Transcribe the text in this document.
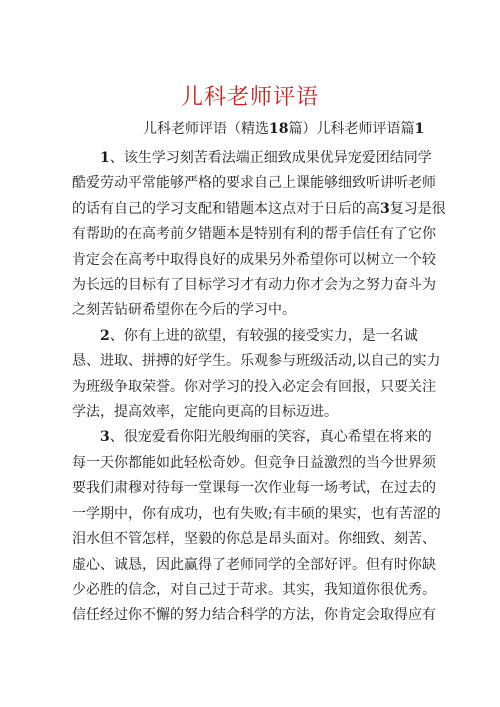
儿科老师评语
儿科老师评语（精选18篇）儿科老师评语篇1

　　1、该生学习刻苦看法端正细致成果优异宠爱团结同学

酷爱劳动平常能够严格的要求自己上课能够细致听讲听老师

的话有自己的学习支配和错题本这点对于日后的高3复习是很

有帮助的在高考前夕错题本是特别有利的帮手信任有了它你

肯定会在高考中取得良好的成果另外希望你可以树立一个较

为长远的目标有了目标学习才有动力你才会为之努力奋斗为

之刻苦钻研希望你在今后的学习中。

　　2、你有上进的欲望，有较强的接受实力，是一名诚

恳、进取、拼搏的好学生。乐观参与班级活动,以自己的实力

为班级争取荣誉。你对学习的投入必定会有回报，只要关注

学法，提高效率，定能向更高的目标迈进。

　　3、很宠爱看你阳光般绚丽的笑容，真心希望在将来的

每一天你都能如此轻松奇妙。但竞争日益激烈的当今世界须

要我们肃穆对待每一堂课每一次作业每一场考试，在过去的

一学期中，你有成功，也有失败;有丰硕的果实，也有苦涩的

泪水但不管怎样，坚毅的你总是昂头面对。你细致、刻苦、

虚心、诚恳，因此赢得了老师同学的全部好评。但有时你缺

少必胜的信念，对自己过于苛求。其实，我知道你很优秀。

信任经过你不懈的努力结合科学的方法，你肯定会取得应有
